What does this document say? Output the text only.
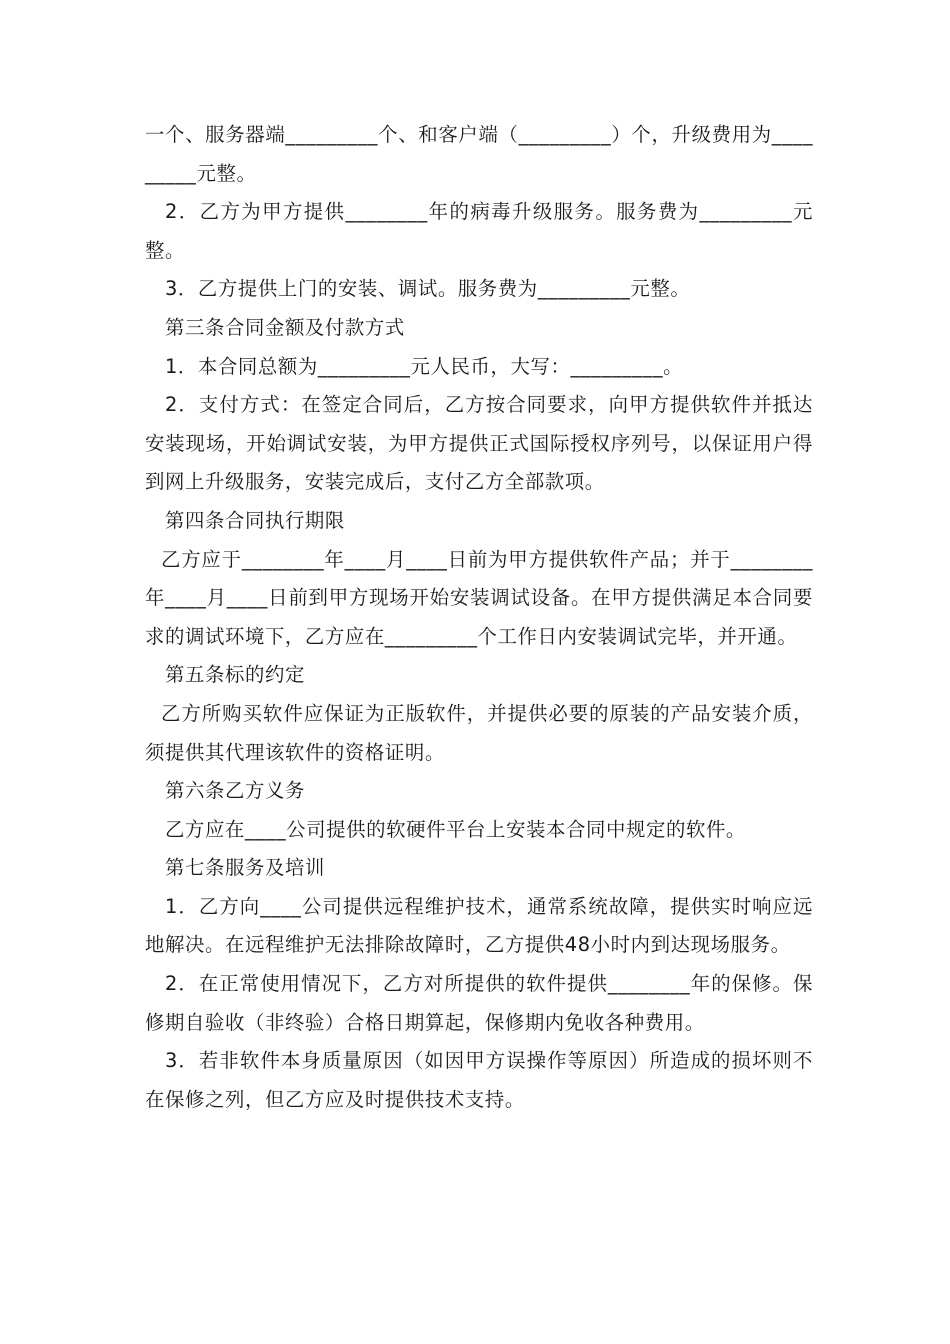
一个、服务器端_________个、和客户端（_________）个，升级费用为_________元整。

2．乙方为甲方提供________年的病毒升级服务。服务费为_________元整。

3．乙方提供上门的安装、调试。服务费为_________元整。

第三条合同金额及付款方式

1．本合同总额为_________元人民币，大写：_________。

2．支付方式：在签定合同后，乙方按合同要求，向甲方提供软件并抵达安装现场，开始调试安装，为甲方提供正式国际授权序列号，以保证用户得到网上升级服务，安装完成后，支付乙方全部款项。

第四条合同执行期限

乙方应于________年____月____日前为甲方提供软件产品；并于________年____月____日前到甲方现场开始安装调试设备。在甲方提供满足本合同要求的调试环境下，乙方应在_________个工作日内安装调试完毕，并开通。

第五条标的约定

乙方所购买软件应保证为正版软件，并提供必要的原装的产品安装介质，须提供其代理该软件的资格证明。

第六条乙方义务

乙方应在____公司提供的软硬件平台上安装本合同中规定的软件。

第七条服务及培训

1．乙方向____公司提供远程维护技术，通常系统故障，提供实时响应远地解决。在远程维护无法排除故障时，乙方提供48小时内到达现场服务。

2．在正常使用情况下，乙方对所提供的软件提供________年的保修。保修期自验收（非终验）合格日期算起，保修期内免收各种费用。

3．若非软件本身质量原因（如因甲方误操作等原因）所造成的损坏则不在保修之列，但乙方应及时提供技术支持。
